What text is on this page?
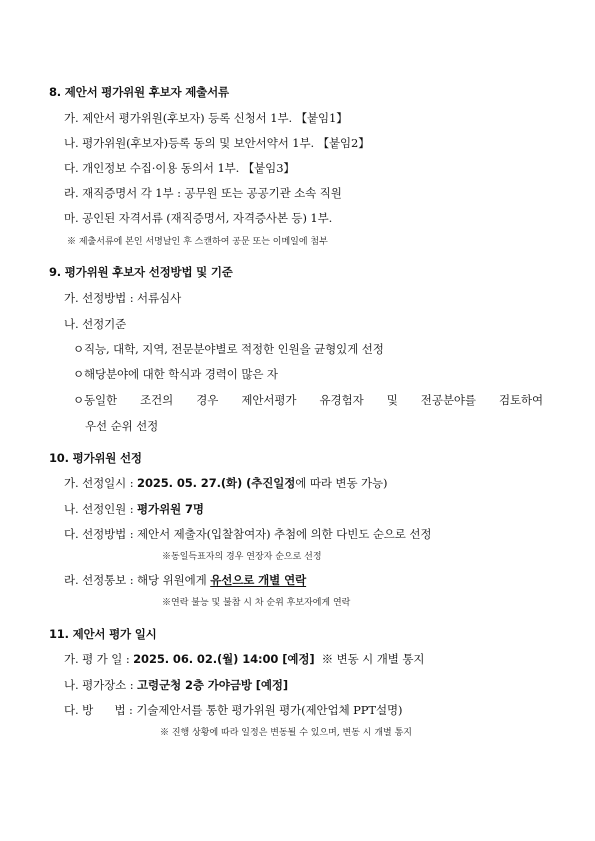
8. 제안서 평가위원 후보자 제출서류
가. 제안서 평가위원(후보자) 등록 신청서 1부. 【붙임1】
나. 평가위원(후보자)등록 동의 및 보안서약서 1부. 【붙임2】
다. 개인정보 수집·이용 동의서 1부. 【붙임3】
라. 재직증명서 각 1부 : 공무원 또는 공공기관 소속 직원
마. 공인된 자격서류 (재직증명서, 자격증사본 등) 1부.
※ 제출서류에 본인 서명날인 후 스캔하여 공문 또는 이메일에 첨부
9. 평가위원 후보자 선정방법 및 기준
가. 선정방법 : 서류심사
나. 선정기준
ㅇ직능, 대학, 지역, 전문분야별로 적정한 인원을 균형있게 선정
ㅇ해당분야에 대한 학식과 경력이 많은 자
ㅇ동일한 조건의 경우 제안서평가 유경험자 및 전공분야를 검토하여
우선 순위 선정
10. 평가위원 선정
가. 선정일시 : 2025. 05. 27.(화) (추진일정에 따라 변동 가능)
나. 선정인원 : 평가위원 7명
다. 선정방법 : 제안서 제출자(입찰참여자) 추첨에 의한 다빈도 순으로 선정
※동일득표자의 경우 연장자 순으로 선정
라. 선정통보 : 해당 위원에게 유선으로 개별 연락
※연락 불능 및 불참 시 차 순위 후보자에게 연락
11. 제안서 평가 일시
가. 평 가 일 : 2025. 06. 02.(월) 14:00 [예정]  ※ 변동 시 개별 통지
나. 평가장소 : 고령군청 2층 가야금방 [예정]
다. 방      법 : 기술제안서를 통한 평가위원 평가(제안업체 PPT설명)
※ 진행 상황에 따라 일정은 변동될 수 있으며, 변동 시 개별 통지
